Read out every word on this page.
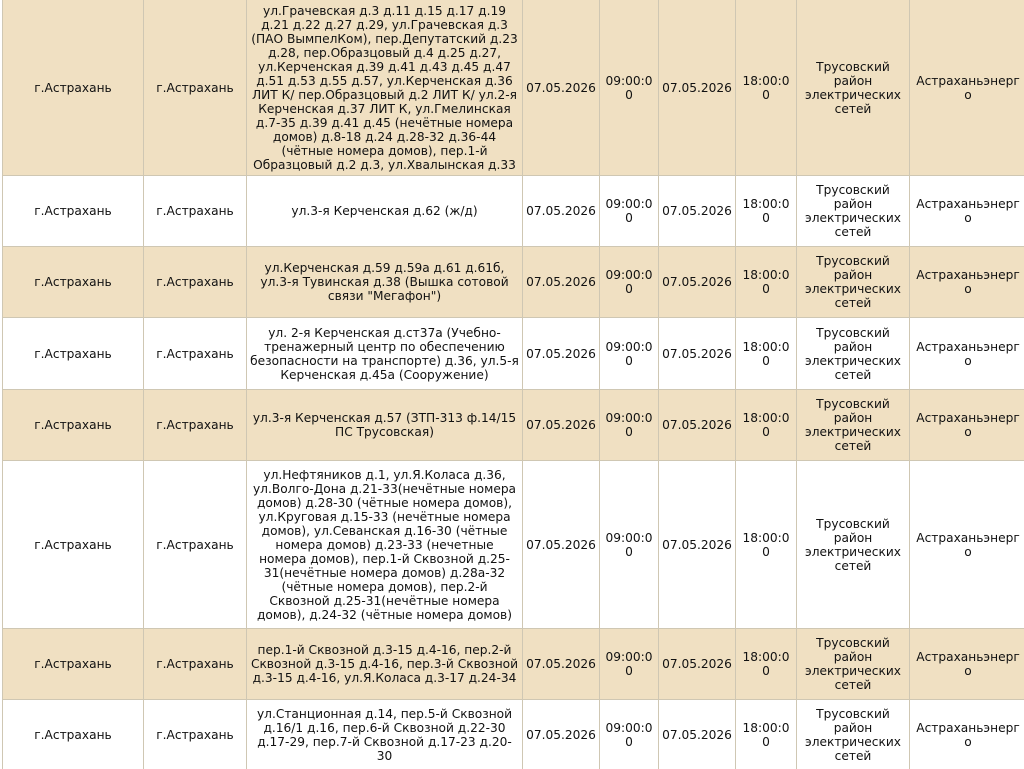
г.Астрахань	г.Астрахань	ул.Грачевская д.3 д.11 д.15 д.17 д.19 д.21 д.22 д.27 д.29, ул.Грачевская д.3 (ПАО ВымпелКом), пер.Депутатский д.23 д.28, пер.Образцовый д.4 д.25 д.27, ул.Керченская д.39 д.41 д.43 д.45 д.47 д.51 д.53 д.55 д.57, ул.Керченская д.36 ЛИТ К/ пер.Образцовый д.2 ЛИТ К/ ул.2-я Керченская д.37 ЛИТ К, ул.Гмелинская д.7-35 д.39 д.41 д.45 (нечётные номера домов) д.8-18 д.24 д.28-32 д.36-44 (чётные номера домов), пер.1-й Образцовый д.2 д.3, ул.Хвалынская д.33	07.05.2026	09:00:00	07.05.2026	18:00:00	Трусовский район электрических сетей	Астраханьэнерго
г.Астрахань	г.Астрахань	ул.3-я Керченская д.62 (ж/д)	07.05.2026	09:00:00	07.05.2026	18:00:00	Трусовский район электрических сетей	Астраханьэнерго
г.Астрахань	г.Астрахань	ул.Керченская д.59 д.59а д.61 д.61б, ул.3-я Тувинская д.38 (Вышка сотовой связи "Мегафон")	07.05.2026	09:00:00	07.05.2026	18:00:00	Трусовский район электрических сетей	Астраханьэнерго
г.Астрахань	г.Астрахань	ул. 2-я Керченская д.ст37а (Учебно-тренажерный центр по обеспечению безопасности на транспорте) д.36, ул.5-я Керченская д.45а (Сооружение)	07.05.2026	09:00:00	07.05.2026	18:00:00	Трусовский район электрических сетей	Астраханьэнерго
г.Астрахань	г.Астрахань	ул.3-я Керченская д.57 (ЗТП-313 ф.14/15 ПС Трусовская)	07.05.2026	09:00:00	07.05.2026	18:00:00	Трусовский район электрических сетей	Астраханьэнерго
г.Астрахань	г.Астрахань	ул.Нефтяников д.1, ул.Я.Коласа д.36, ул.Волго-Дона д.21-33(нечётные номера домов) д.28-30 (чётные номера домов), ул.Круговая д.15-33 (нечётные номера домов), ул.Севанская д.16-30 (чётные номера домов) д.23-33 (нечетные номера домов), пер.1-й Сквозной д.25-31(нечётные номера домов) д.28а-32 (чётные номера домов), пер.2-й Сквозной д.25-31(нечётные номера домов), д.24-32 (чётные номера домов)	07.05.2026	09:00:00	07.05.2026	18:00:00	Трусовский район электрических сетей	Астраханьэнерго
г.Астрахань	г.Астрахань	пер.1-й Сквозной д.3-15 д.4-16, пер.2-й Сквозной д.3-15 д.4-16, пер.3-й Сквозной д.3-15 д.4-16, ул.Я.Коласа д.3-17 д.24-34	07.05.2026	09:00:00	07.05.2026	18:00:00	Трусовский район электрических сетей	Астраханьэнерго
г.Астрахань	г.Астрахань	ул.Станционная д.14, пер.5-й Сквозной д.16/1 д.16, пер.6-й Сквозной д.22-30 д.17-29, пер.7-й Сквозной д.17-23 д.20-30	07.05.2026	09:00:00	07.05.2026	18:00:00	Трусовский район электрических сетей	Астраханьэнерго
